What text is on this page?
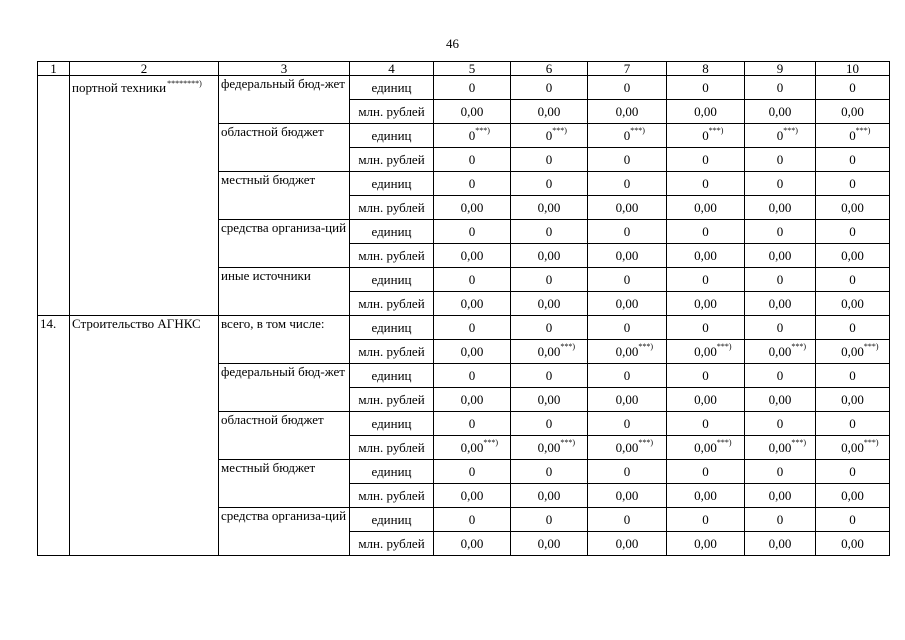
46
1	2	3	4	5	6	7	8	9	10
	портной техники********)	федеральный бюд-жет	единиц	0	0	0	0	0	0
			млн. рублей	0,00	0,00	0,00	0,00	0,00	0,00
		областной бюджет	единиц	0 ***)	0 ***)	0 ***)	0 ***)	0 ***)	0 ***)

			млн. рублей	0	0	0	0	0	0
		местный бюджет	единиц	0	0	0	0	0	0
			млн. рублей	0,00	0,00	0,00	0,00	0,00	0,00
		средства организа-ций	единиц	0	0	0	0	0	0
			млн. рублей	0,00	0,00	0,00	0,00	0,00	0,00
		иные источники	единиц	0	0	0	0	0	0
			млн. рублей	0,00	0,00	0,00	0,00	0,00	0,00
14.	Строительство АГНКС	всего, в том числе:	единиц	0	0	0	0	0	0
			млн. рублей	0,00	0,00 ***)	0,00 ***)	0,00 ***)	0,00 ***)	0,00 ***)

		федеральный бюд-жет	единиц	0	0	0	0	0	0
			млн. рублей	0,00	0,00	0,00	0,00	0,00	0,00
		областной бюджет	единиц	0	0	0	0	0	0
			млн. рублей	0,00 ***)	0,00 ***)	0,00 ***)	0,00 ***)	0,00 ***)	0,00 ***)

		местный бюджет	единиц	0	0	0	0	0	0
			млн. рублей	0,00	0,00	0,00	0,00	0,00	0,00
		средства организа-ций	единиц	0	0	0	0	0	0
			млн. рублей	0,00	0,00	0,00	0,00	0,00	0,00
